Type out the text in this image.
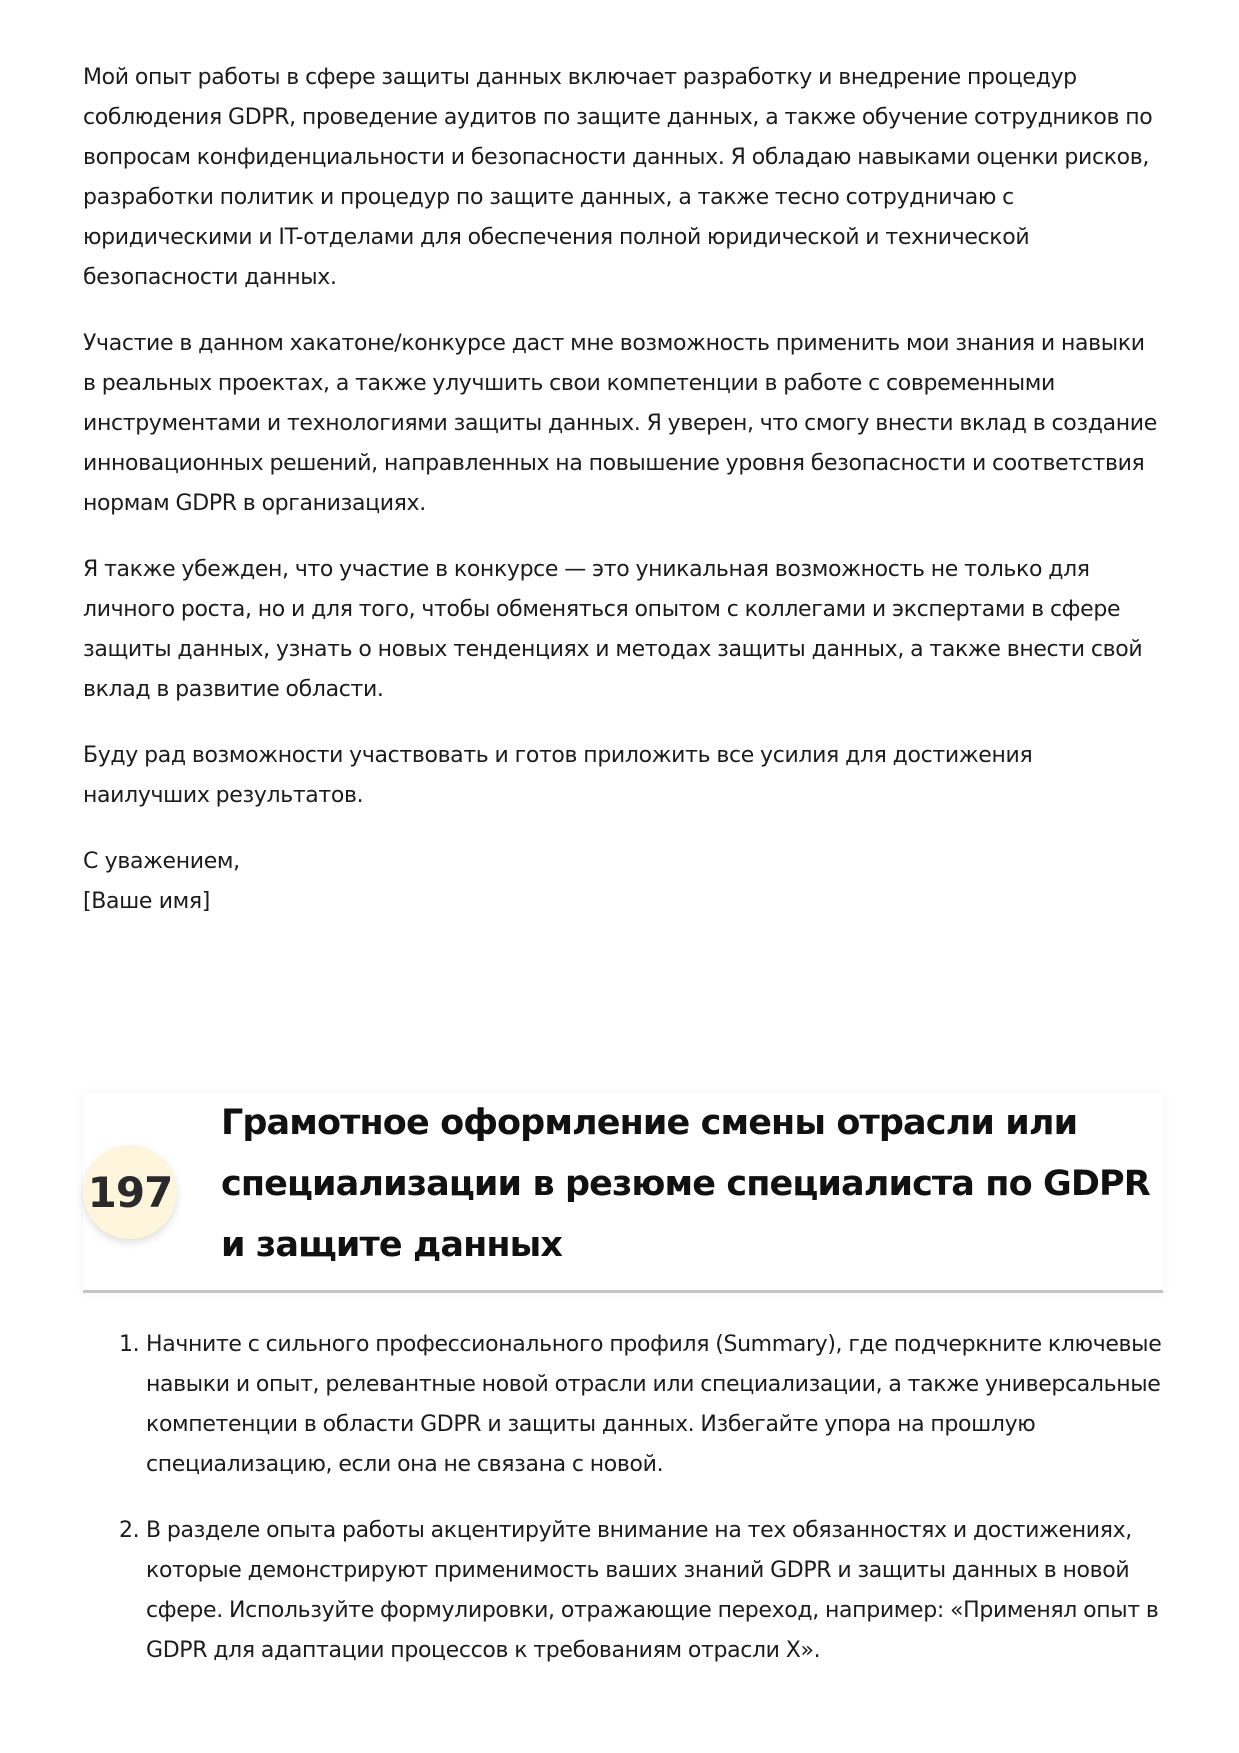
Мой опыт работы в сфере защиты данных включает разработку и внедрение процедур соблюдения GDPR, проведение аудитов по защите данных, а также обучение сотрудников по вопросам конфиденциальности и безопасности данных. Я обладаю навыками оценки рисков, разработки политик и процедур по защите данных, а также тесно сотрудничаю с юридическими и IT-отделами для обеспечения полной юридической и технической безопасности данных.

Участие в данном хакатоне/конкурсе даст мне возможность применить мои знания и навыки в реальных проектах, а также улучшить свои компетенции в работе с современными инструментами и технологиями защиты данных. Я уверен, что смогу внести вклад в создание инновационных решений, направленных на повышение уровня безопасности и соответствия нормам GDPR в организациях.

Я также убежден, что участие в конкурсе — это уникальная возможность не только для личного роста, но и для того, чтобы обменяться опытом с коллегами и экспертами в сфере защиты данных, узнать о новых тенденциях и методах защиты данных, а также внести свой вклад в развитие области.

Буду рад возможности участвовать и готов приложить все усилия для достижения наилучших результатов.

С уважением,

[Ваше имя]

197
Грамотное оформление смены отрасли или специализации в резюме специалиста по GDPR и защите данных
1. Начните с сильного профессионального профиля (Summary), где подчеркните ключевые навыки и опыт, релевантные новой отрасли или специализации, а также универсальные компетенции в области GDPR и защиты данных. Избегайте упора на прошлую специализацию, если она не связана с новой.
2. В разделе опыта работы акцентируйте внимание на тех обязанностях и достижениях, которые демонстрируют применимость ваших знаний GDPR и защиты данных в новой сфере. Используйте формулировки, отражающие переход, например: «Применял опыт в GDPR для адаптации процессов к требованиям отрасли X».
